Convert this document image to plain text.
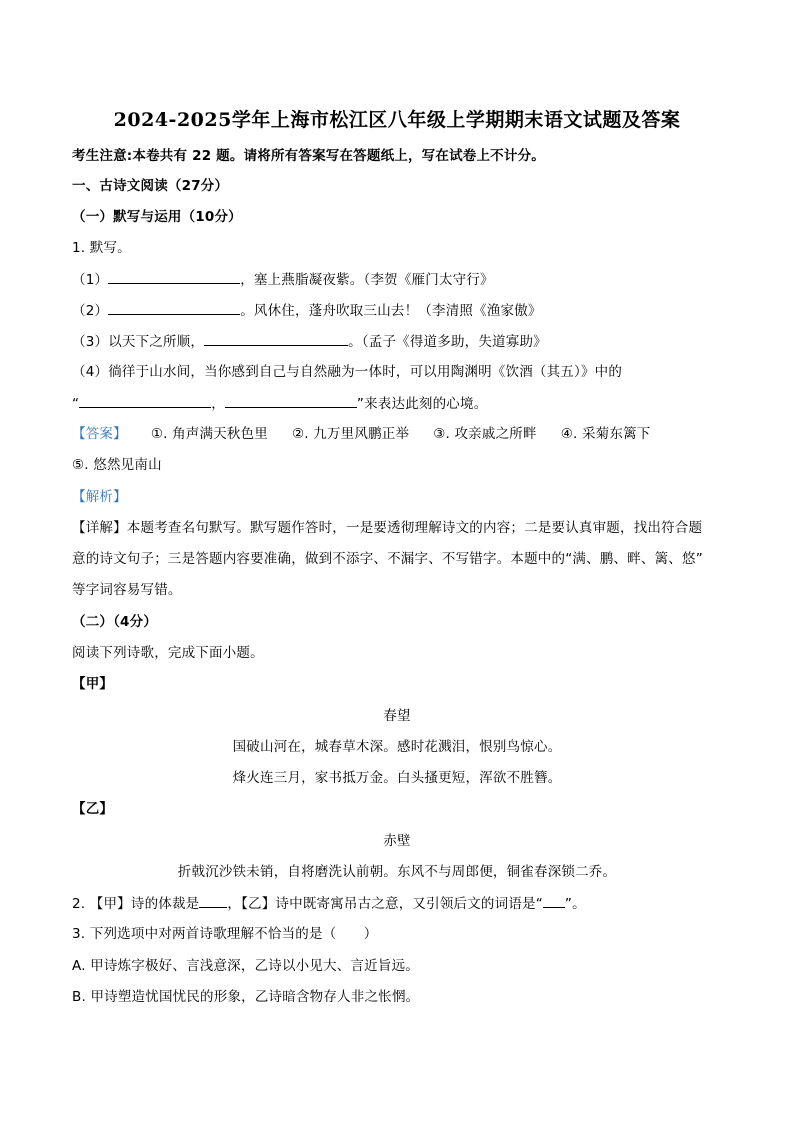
2024-2025学年上海市松江区八年级上学期期末语文试题及答案
考生注意:本卷共有 22 题。请将所有答案写在答题纸上，写在试卷上不计分。
一、古诗文阅读（27分）
（一）默写与运用（10分）
1. 默写。
（1）	，塞上燕脂凝夜紫。（李贺《雁门太守行》
（2）	。风休住，蓬舟吹取三山去！（李清照《渔家傲》
（3）以天下之所顺，	。（孟子《得道多助，失道寡助》
（4）徜徉于山水间，当你感到自己与自然融为一体时，可以用陶渊明《饮酒（其五）》中的
“	，	”来表达此刻的心境。
【答案】 ①. 角声满天秋色里 ②. 九万里风鹏正举 ③. 攻亲戚之所畔 ④. 采菊东篱下
⑤. 悠然见南山
【解析】
【详解】本题考查名句默写。默写题作答时，一是要透彻理解诗文的内容；二是要认真审题，找出符合题
意的诗文句子；三是答题内容要准确，做到不添字、不漏字、不写错字。本题中的“满、鹏、畔、篱、悠”
等字词容易写错。
（二）（4分）
阅读下列诗歌，完成下面小题。
【甲】
春望
国破山河在，城春草木深。感时花溅泪，恨别鸟惊心。
烽火连三月，家书抵万金。白头搔更短，浑欲不胜簪。
【乙】
赤壁
折戟沉沙铁未销，自将磨洗认前朝。东风不与周郎便，铜雀春深锁二乔。
2. 【甲】诗的体裁是 ，【乙】诗中既寄寓吊古之意，又引领后文的词语是“ ”。
3. 下列选项中对两首诗歌理解不恰当的是（　　）
A. 甲诗炼字极好、言浅意深，乙诗以小见大、言近旨远。
B. 甲诗塑造忧国忧民的形象，乙诗暗含物存人非之怅惘。
